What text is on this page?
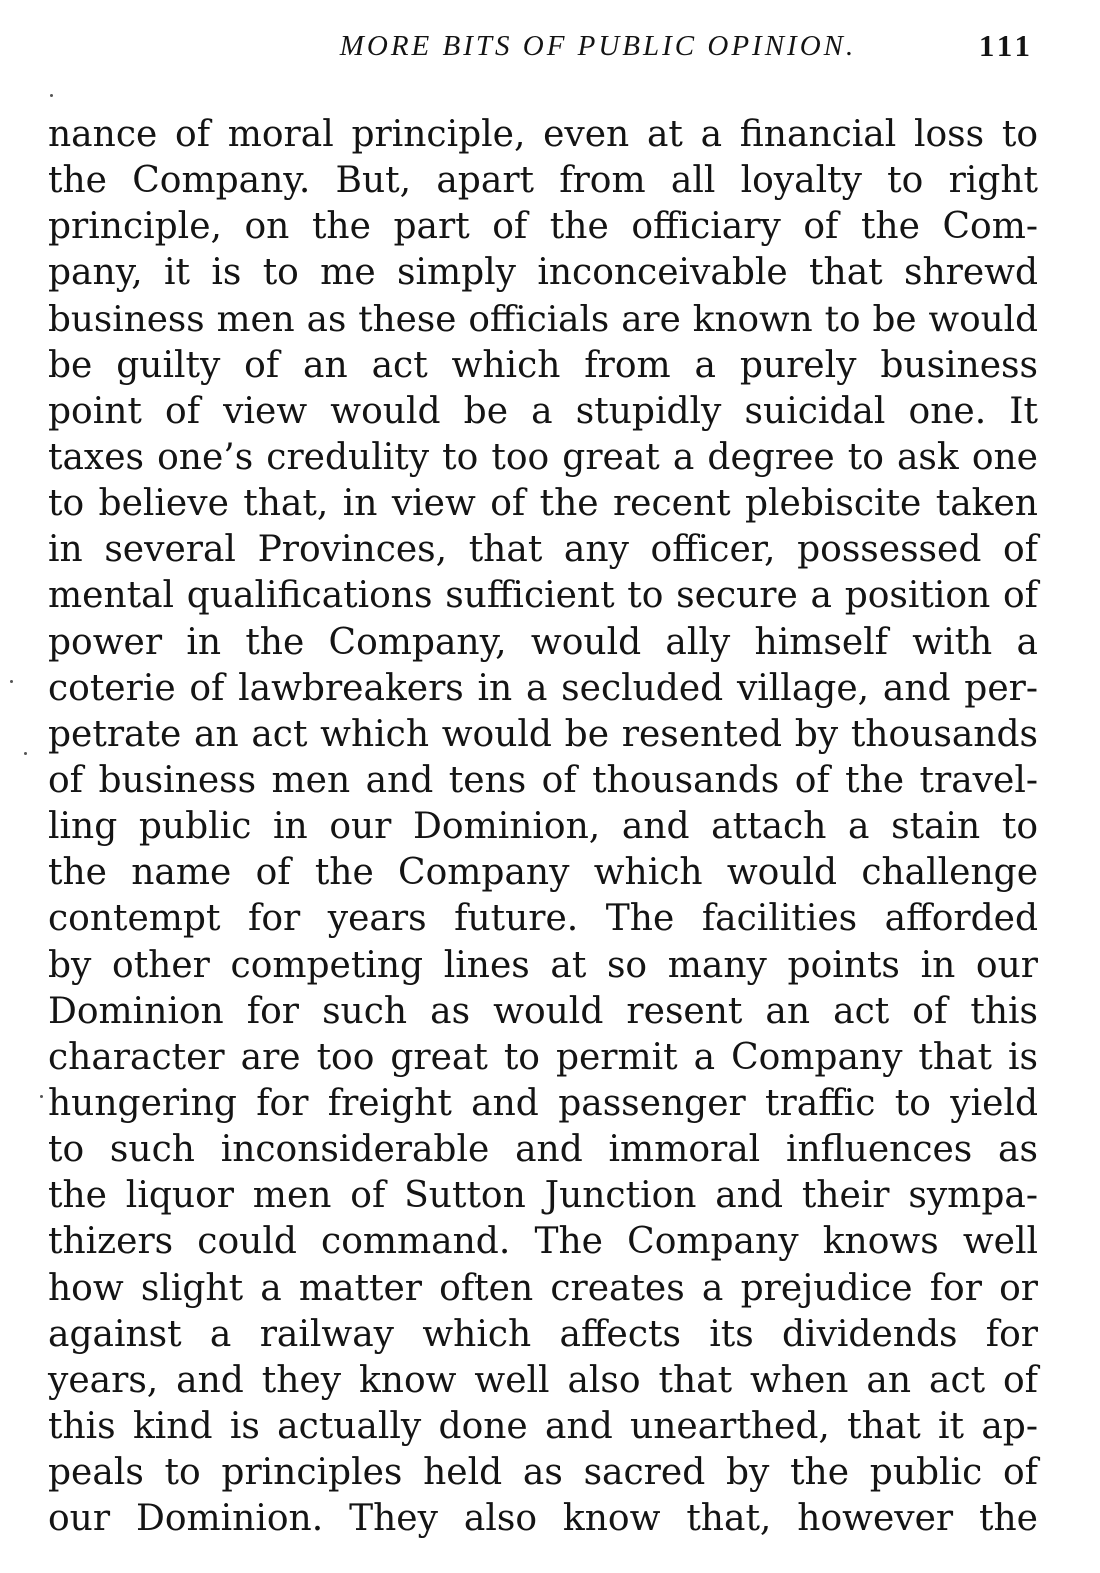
MORE BITS OF PUBLIC OPINION.	111
nance of moral principle, even at a financial loss to
the Company. But, apart from all loyalty to right
principle, on the part of the officiary of the Com-
pany, it is to me simply inconceivable that shrewd
business men as these officials are known to be would
be guilty of an act which from a purely business
point of view would be a stupidly suicidal one. It
taxes one’s credulity to too great a degree to ask one
to believe that, in view of the recent plebiscite taken
in several Provinces, that any officer, possessed of
mental qualifications sufficient to secure a position of
power in the Company, would ally himself with a
coterie of lawbreakers in a secluded village, and per-
petrate an act which would be resented by thousands
of business men and tens of thousands of the travel-
ling public in our Dominion, and attach a stain to
the name of the Company which would challenge
contempt for years future. The facilities afforded
by other competing lines at so many points in our
Dominion for such as would resent an act of this
character are too great to permit a Company that is
hungering for freight and passenger traffic to yield
to such inconsiderable and immoral influences as
the liquor men of Sutton Junction and their sympa-
thizers could command. The Company knows well
how slight a matter often creates a prejudice for or
against a railway which affects its dividends for
years, and they know well also that when an act of
this kind is actually done and unearthed, that it ap-
peals to principles held as sacred by the public of
our Dominion. They also know that, however the
